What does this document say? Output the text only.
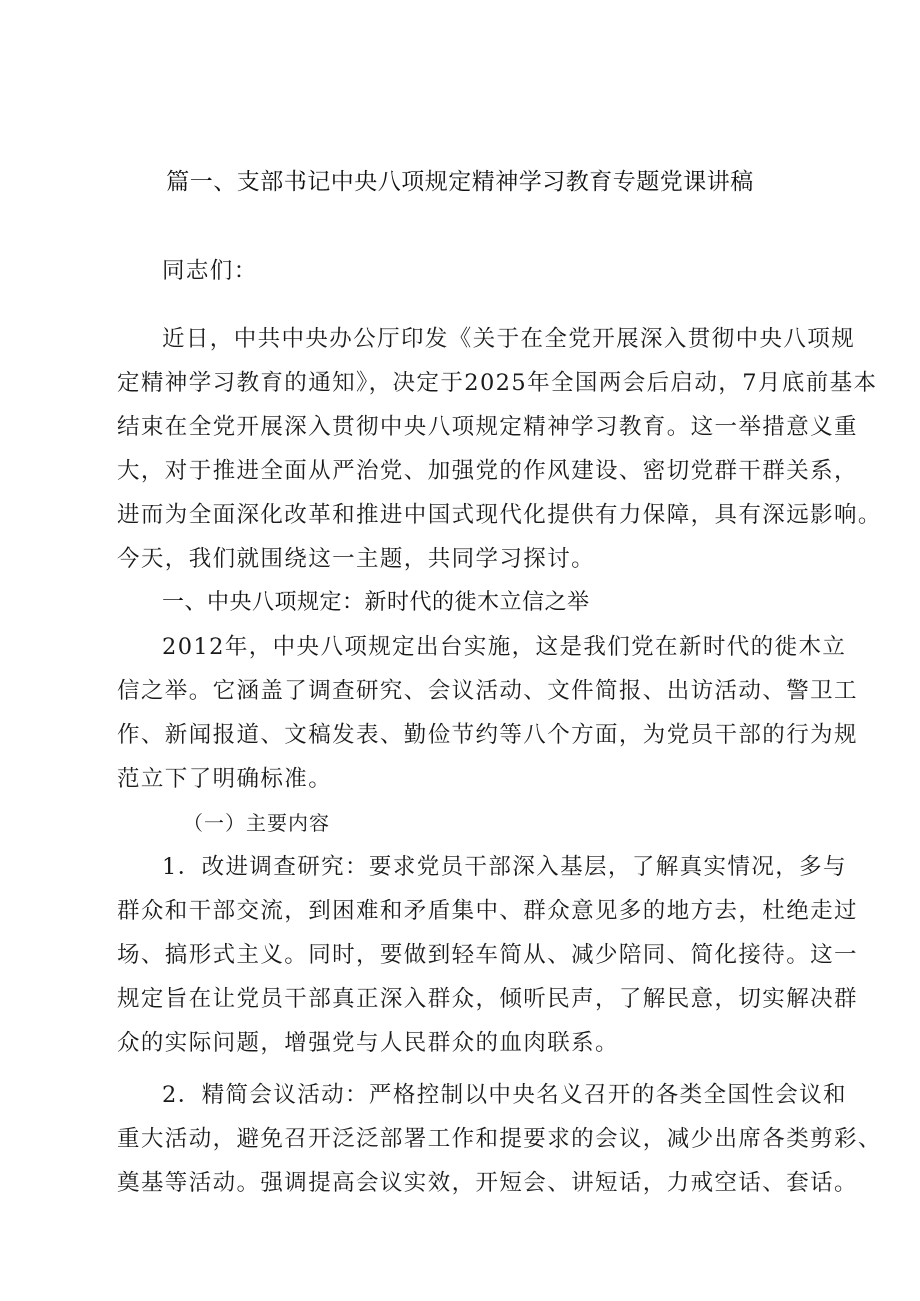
篇一、支部书记中央八项规定精神学习教育专题党课讲稿
同志们：
近日，中共中央办公厅印发《关于在全党开展深入贯彻中央八项规
定精神学习教育的通知》，决定于2025年全国两会后启动，7月底前基本
结束在全党开展深入贯彻中央八项规定精神学习教育。这一举措意义重
大，对于推进全面从严治党、加强党的作风建设、密切党群干群关系，
进而为全面深化改革和推进中国式现代化提供有力保障，具有深远影响。
今天，我们就围绕这一主题，共同学习探讨。
一、中央八项规定：新时代的徙木立信之举
2012年，中央八项规定出台实施，这是我们党在新时代的徙木立
信之举。它涵盖了调查研究、会议活动、文件简报、出访活动、警卫工
作、新闻报道、文稿发表、勤俭节约等八个方面，为党员干部的行为规
范立下了明确标准。
（一）主要内容
1．改进调查研究：要求党员干部深入基层，了解真实情况，多与
群众和干部交流，到困难和矛盾集中、群众意见多的地方去，杜绝走过
场、搞形式主义。同时，要做到轻车简从、减少陪同、简化接待。这一
规定旨在让党员干部真正深入群众，倾听民声，了解民意，切实解决群
众的实际问题，增强党与人民群众的血肉联系。
2．精简会议活动：严格控制以中央名义召开的各类全国性会议和
重大活动，避免召开泛泛部署工作和提要求的会议，减少出席各类剪彩、
奠基等活动。强调提高会议实效，开短会、讲短话，力戒空话、套话。
